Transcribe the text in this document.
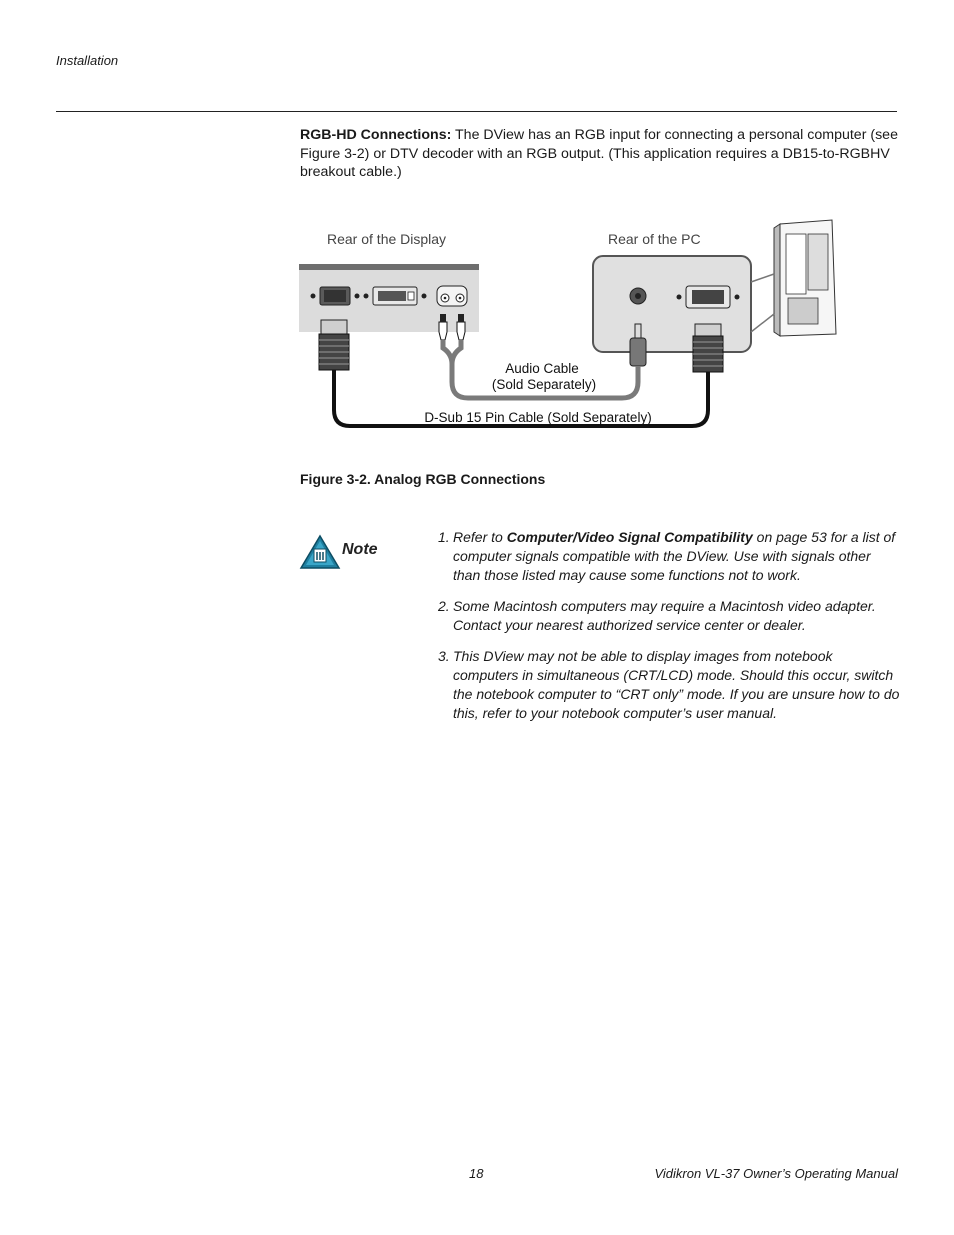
Installation
RGB-HD Connections: The DView has an RGB input for connecting a personal computer (see Figure 3-2) or DTV decoder with an RGB output. (This application requires a DB15-to-RGBHV breakout cable.)
Rear of the Display	Rear of the PC
Audio Cable
(Sold Separately)
D-Sub 15 Pin Cable (Sold Separately)
Figure 3-2. Analog RGB Connections
Note
1. Refer to Computer/Video Signal Compatibility on page 53 for a list of computer signals compatible with the DView. Use with signals other than those listed may cause some functions not to work.
2. Some Macintosh computers may require a Macintosh video adapter. Contact your nearest authorized service center or dealer.
3. This DView may not be able to display images from notebook computers in simultaneous (CRT/LCD) mode. Should this occur, switch the notebook computer to “CRT only” mode. If you are unsure how to do this, refer to your notebook computer’s user manual.
18	Vidikron VL-37 Owner’s Operating Manual
